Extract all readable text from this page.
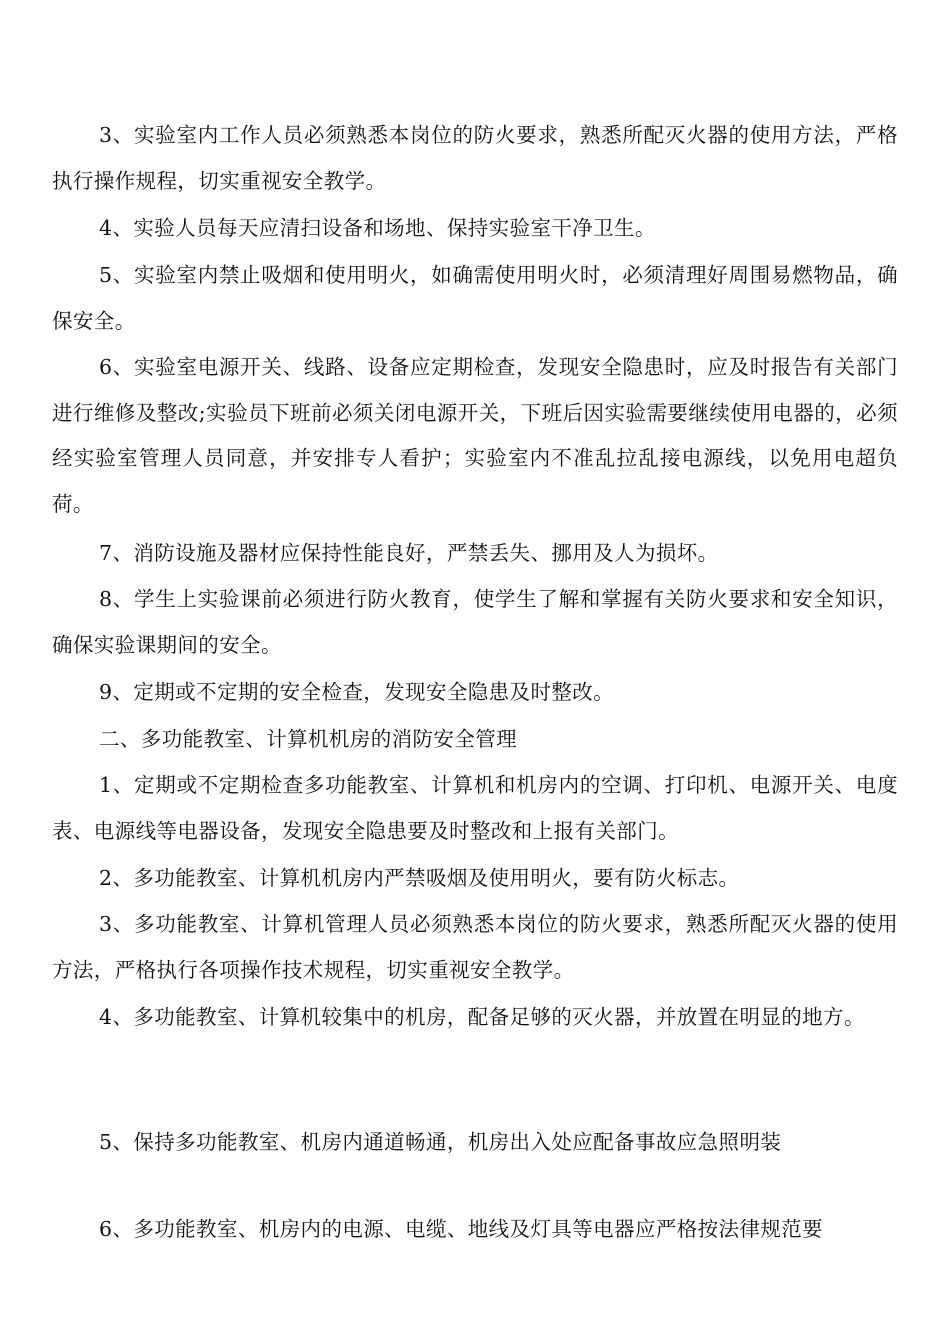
3、实验室内工作人员必须熟悉本岗位的防火要求，熟悉所配灭火器的使用方法，严格执行操作规程，切实重视安全教学。

4、实验人员每天应清扫设备和场地、保持实验室干净卫生。

5、实验室内禁止吸烟和使用明火，如确需使用明火时，必须清理好周围易燃物品，确保安全。

6、实验室电源开关、线路、设备应定期检查，发现安全隐患时，应及时报告有关部门进行维修及整改;实验员下班前必须关闭电源开关，下班后因实验需要继续使用电器的，必须经实验室管理人员同意，并安排专人看护；实验室内不准乱拉乱接电源线，以免用电超负荷。

7、消防设施及器材应保持性能良好，严禁丢失、挪用及人为损坏。

8、学生上实验课前必须进行防火教育，使学生了解和掌握有关防火要求和安全知识，确保实验课期间的安全。

9、定期或不定期的安全检查，发现安全隐患及时整改。

二、多功能教室、计算机机房的消防安全管理

1、定期或不定期检查多功能教室、计算机和机房内的空调、打印机、电源开关、电度表、电源线等电器设备，发现安全隐患要及时整改和上报有关部门。

2、多功能教室、计算机机房内严禁吸烟及使用明火，要有防火标志。

3、多功能教室、计算机管理人员必须熟悉本岗位的防火要求，熟悉所配灭火器的使用方法，严格执行各项操作技术规程，切实重视安全教学。

4、多功能教室、计算机较集中的机房，配备足够的灭火器，并放置在明显的地方。

5、保持多功能教室、机房内通道畅通，机房出入处应配备事故应急照明装

6、多功能教室、机房内的电源、电缆、地线及灯具等电器应严格按法律规范要
